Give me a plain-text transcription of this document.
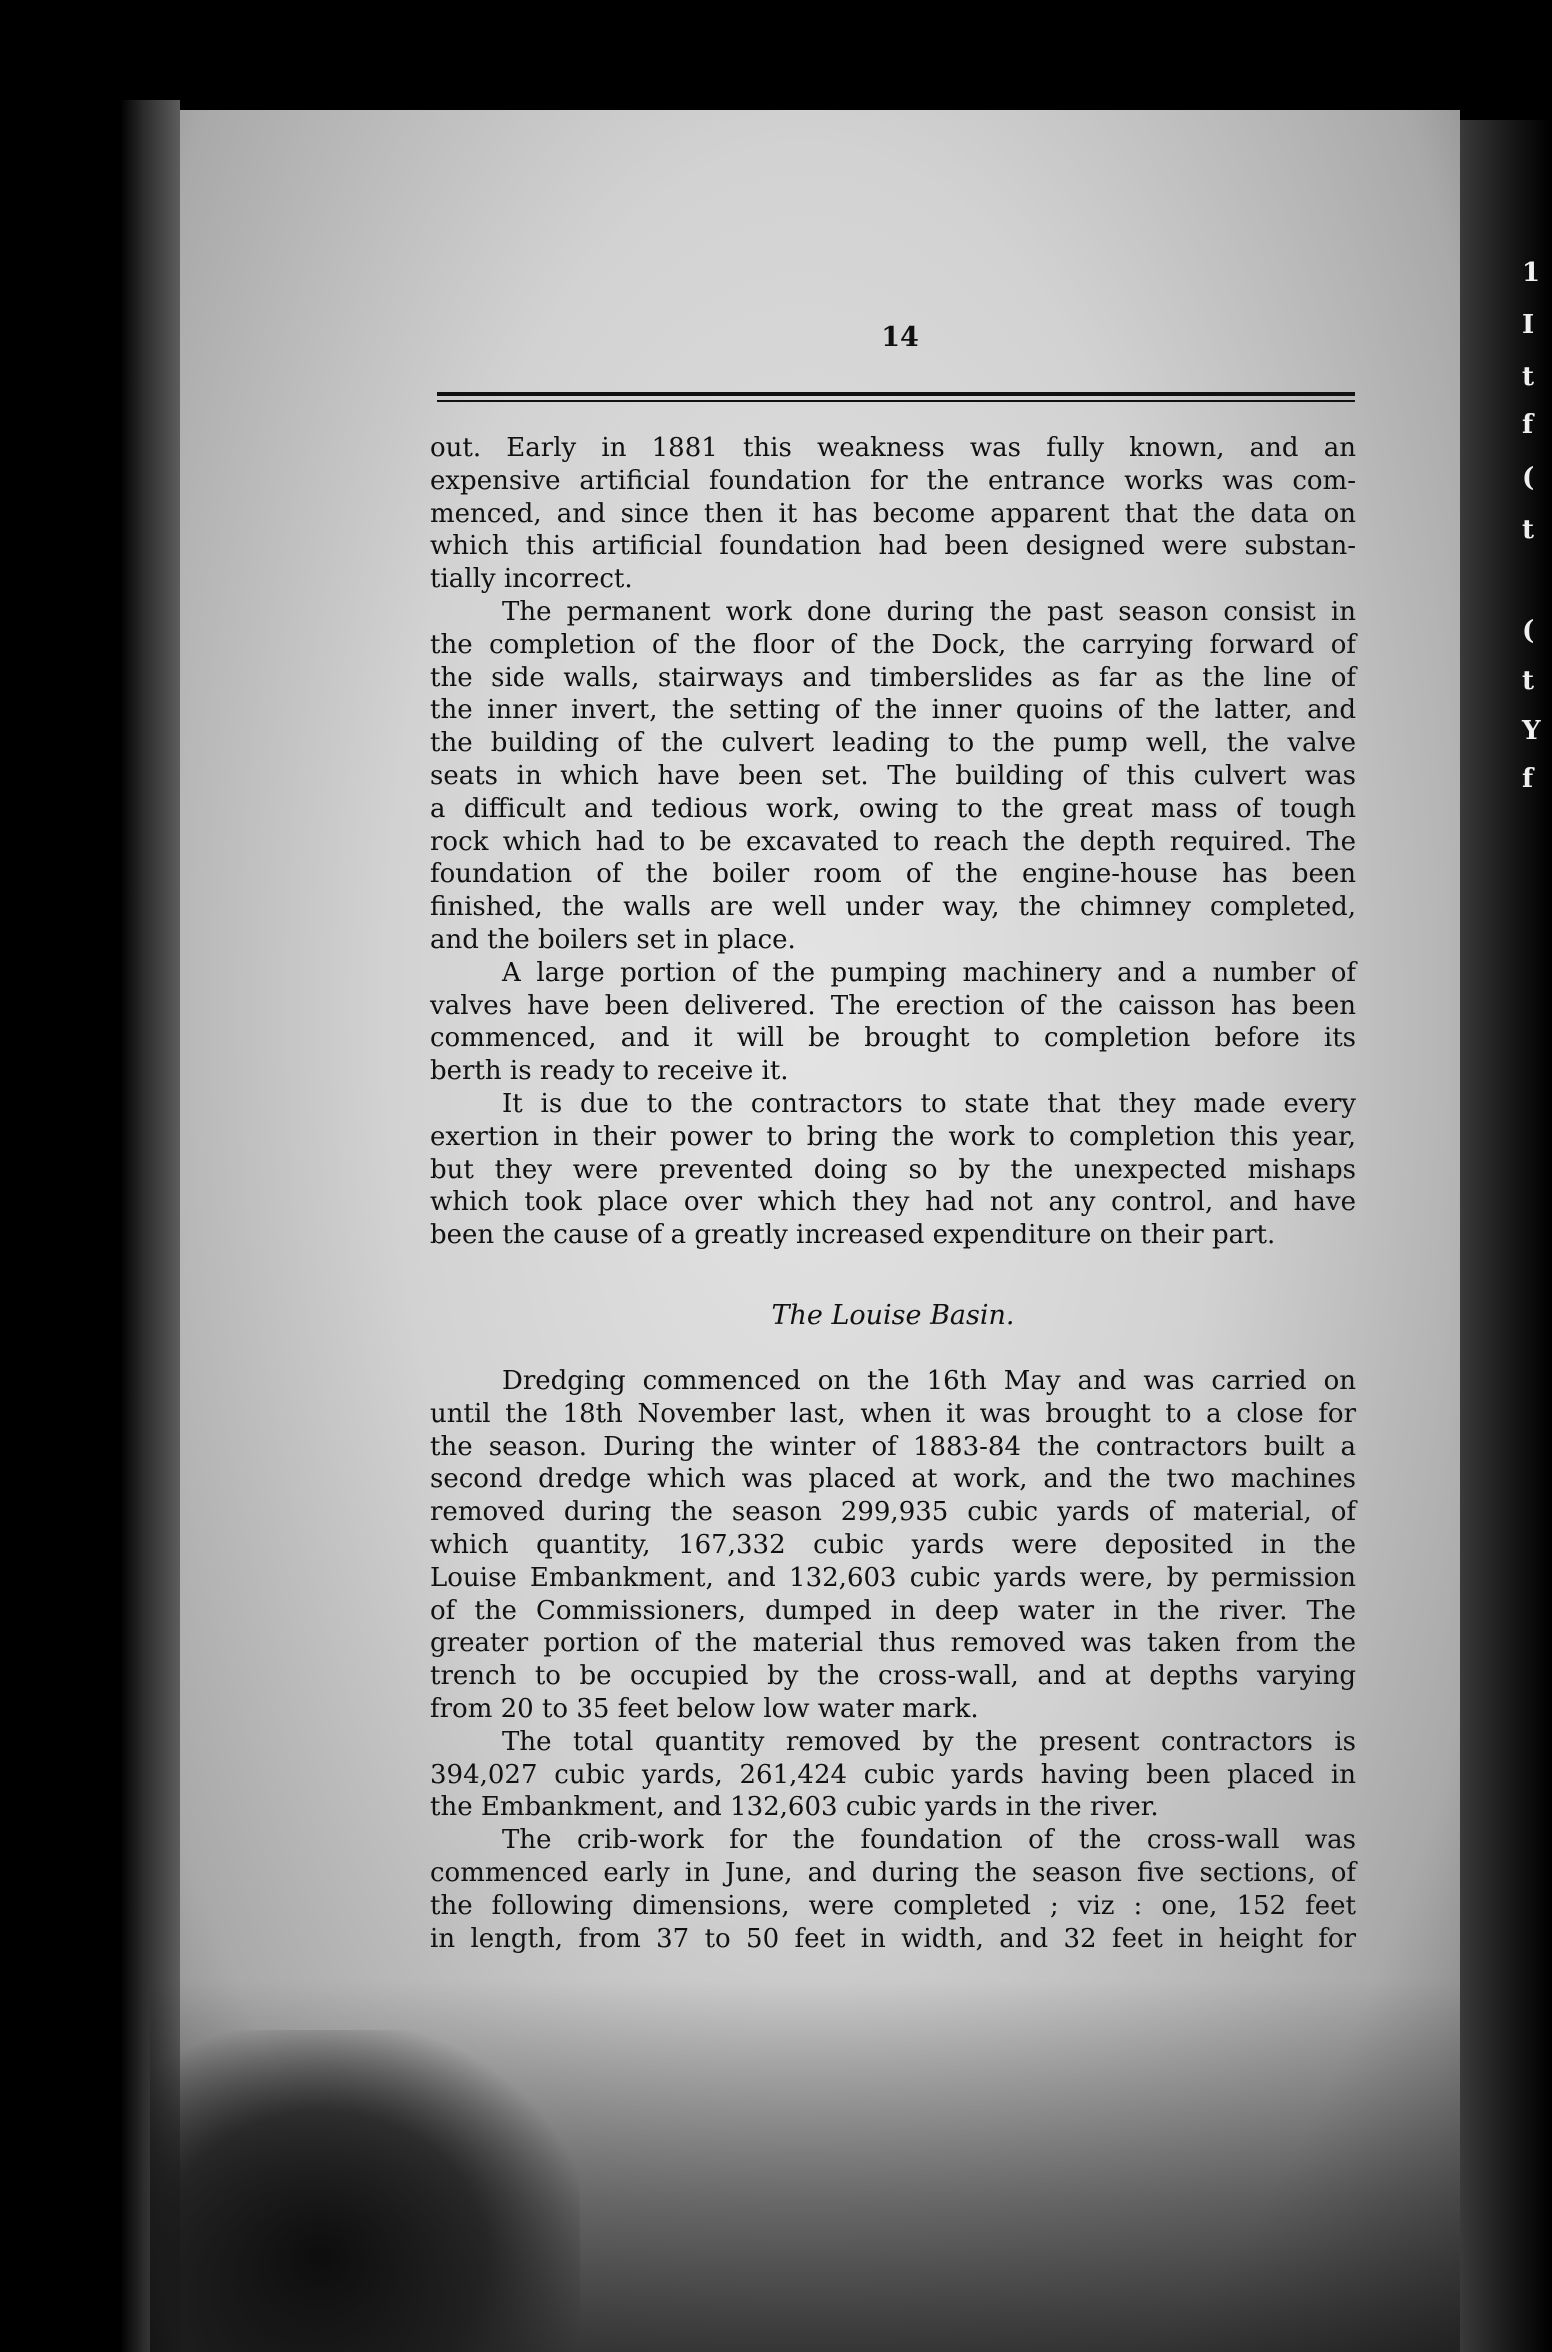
1
I
t
f
(
t
(
t
Y
f
14
out. Early in 1881 this weakness was fully known, and an
expensive artificial foundation for the entrance works was com-
menced, and since then it has become apparent that the data on
which this artificial foundation had been designed were substan-
tially incorrect.
The permanent work done during the past season consist in
the completion of the floor of the Dock, the carrying forward of
the side walls, stairways and timberslides as far as the line of
the inner invert, the setting of the inner quoins of the latter, and
the building of the culvert leading to the pump well, the valve
seats in which have been set. The building of this culvert was
a difficult and tedious work, owing to the great mass of tough
rock which had to be excavated to reach the depth required. The
foundation of the boiler room of the engine-house has been
finished, the walls are well under way, the chimney completed,
and the boilers set in place.
A large portion of the pumping machinery and a number of
valves have been delivered. The erection of the caisson has been
commenced, and it will be brought to completion before its
berth is ready to receive it.
It is due to the contractors to state that they made every
exertion in their power to bring the work to completion this year,
but they were prevented doing so by the unexpected mishaps
which took place over which they had not any control, and have
been the cause of a greatly increased expenditure on their part.
The Louise Basin.
Dredging commenced on the 16th May and was carried on
until the 18th November last, when it was brought to a close for
the season. During the winter of 1883-84 the contractors built a
second dredge which was placed at work, and the two machines
removed during the season 299,935 cubic yards of material, of
which quantity, 167,332 cubic yards were deposited in the
Louise Embankment, and 132,603 cubic yards were, by permission
of the Commissioners, dumped in deep water in the river. The
greater portion of the material thus removed was taken from the
trench to be occupied by the cross-wall, and at depths varying
from 20 to 35 feet below low water mark.
The total quantity removed by the present contractors is
394,027 cubic yards, 261,424 cubic yards having been placed in
the Embankment, and 132,603 cubic yards in the river.
The crib-work for the foundation of the cross-wall was
commenced early in June, and during the season five sections, of
the following dimensions, were completed ; viz : one, 152 feet
in length, from 37 to 50 feet in width, and 32 feet in height for
